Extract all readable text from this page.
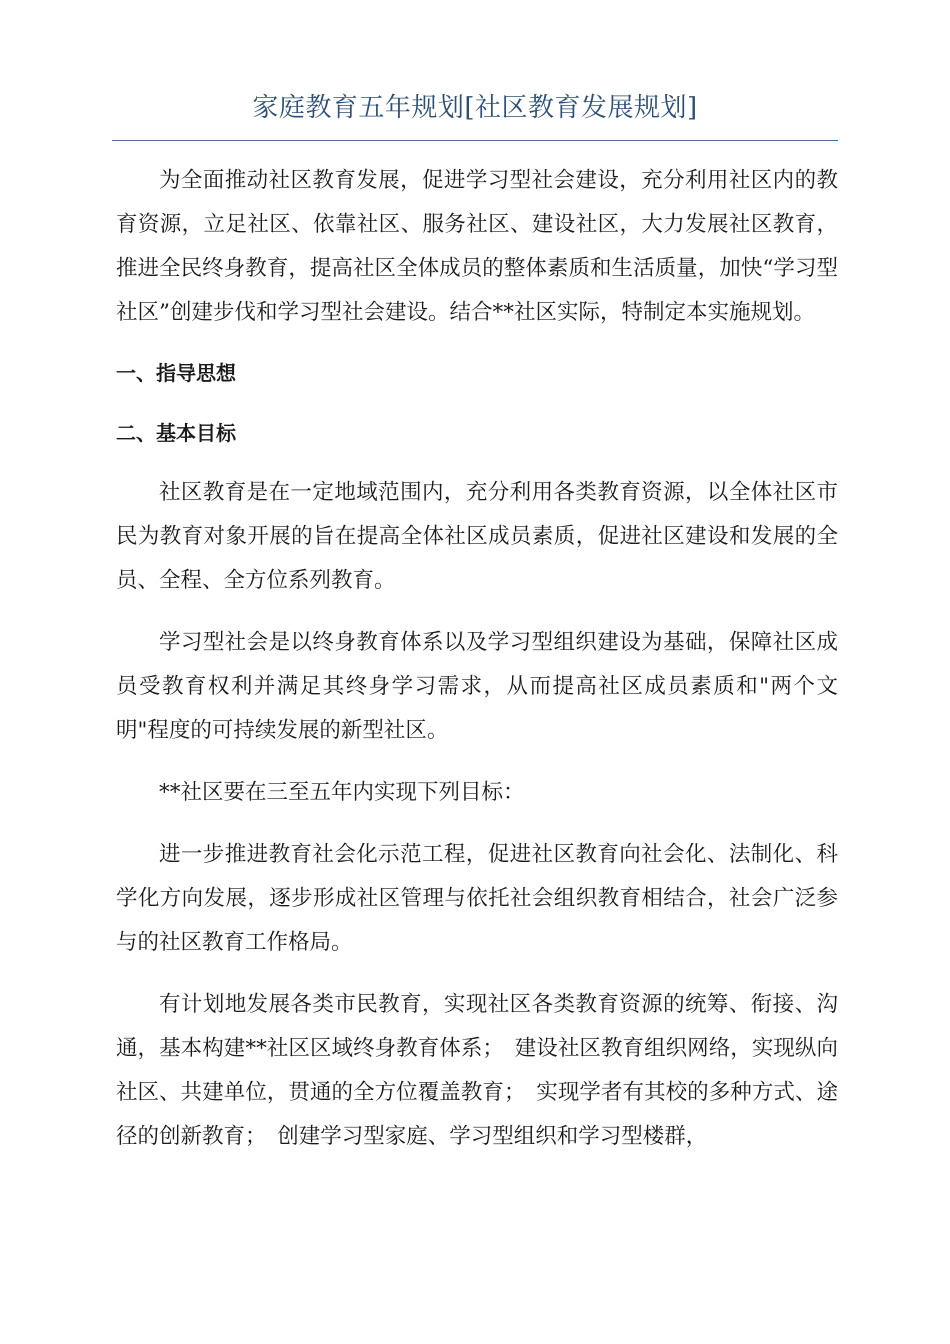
家庭教育五年规划[社区教育发展规划]

为全面推动社区教育发展，促进学习型社会建设，充分利用社区内的教育资源，立足社区、依靠社区、服务社区、建设社区，大力发展社区教育，推进全民终身教育，提高社区全体成员的整体素质和生活质量，加快“学习型社区”创建步伐和学习型社会建设。结合**社区实际，特制定本实施规划。

一、指导思想

二、基本目标

社区教育是在一定地域范围内，充分利用各类教育资源，以全体社区市民为教育对象开展的旨在提高全体社区成员素质，促进社区建设和发展的全员、全程、全方位系列教育。

学习型社会是以终身教育体系以及学习型组织建设为基础，保障社区成员受教育权利并满足其终身学习需求，从而提高社区成员素质和"两个文明"程度的可持续发展的新型社区。

**社区要在三至五年内实现下列目标：

进一步推进教育社会化示范工程，促进社区教育向社会化、法制化、科学化方向发展，逐步形成社区管理与依托社会组织教育相结合，社会广泛参与的社区教育工作格局。

有计划地发展各类市民教育，实现社区各类教育资源的统筹、衔接、沟通，基本构建**社区区域终身教育体系；　建设社区教育组织网络，实现纵向社区、共建单位，贯通的全方位覆盖教育；　实现学者有其校的多种方式、途径的创新教育；　创建学习型家庭、学习型组织和学习型楼群，
